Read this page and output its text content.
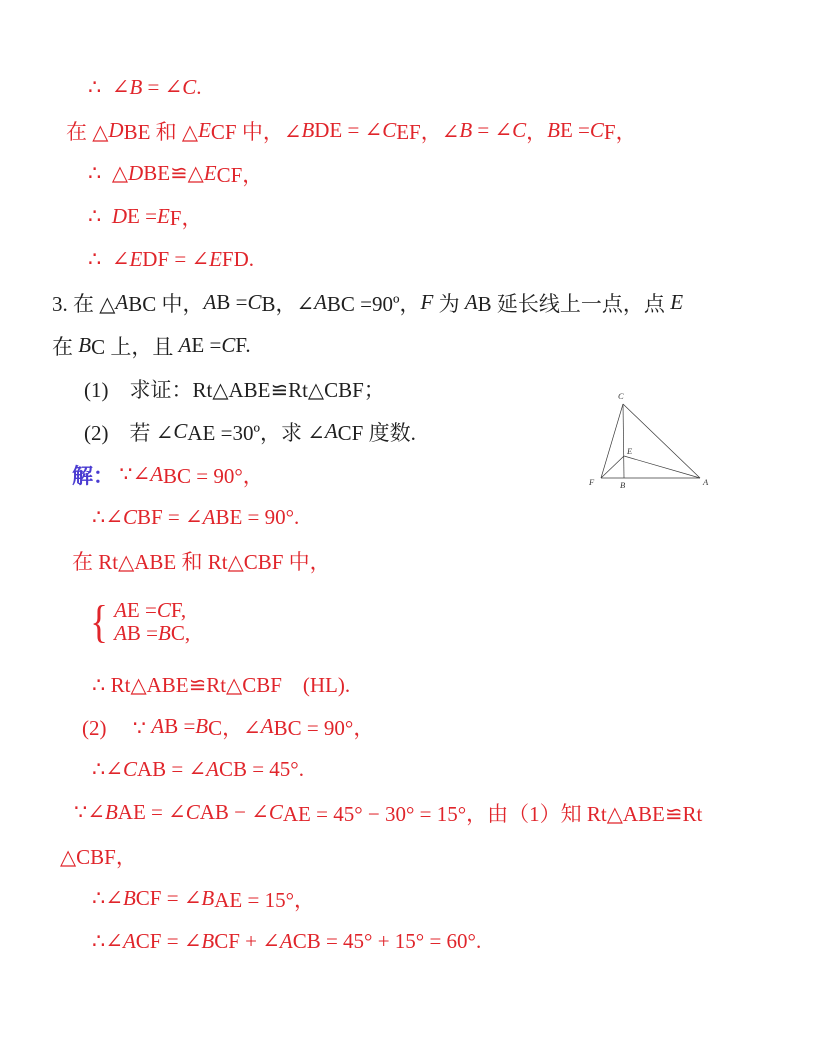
∴  ∠ B = ∠ C .
在 △ D BE 和 △ E CF 中，∠ B DE = ∠ C EF，∠ B = ∠ C ， B E = C F，
∴  △ D BE≌△ E CF，
∴ D E = E F，
∴  ∠ E DF = ∠ E FD.
3. 在 △ A BC 中， A B = C B，∠ A BC =90º， F 为 A B 延长线上一点，点 E
在 B C 上，且 A E = C F.
(1)　求证：Rt△ABE≌Rt△CBF；
(2)　若 ∠ C AE =30º，求 ∠ A CF 度数.
解： ∵∠ A BC = 90°，
∴∠ C BF = ∠ A BE = 90°.
在 Rt△ABE 和 Rt△CBF 中，
{ A E = C F,
A B = B C,
∴ Rt△ABE≌Rt△CBF　(HL).
(2)　 ∵ A B = B C，∠ A BC = 90°，
∴∠ C AB = ∠ A CB = 45°.
∵∠ B AE = ∠ C AB − ∠ C AE = 45° − 30° = 15°，由（1）知 Rt△ABE≌Rt
△CBF，
∴∠ B CF = ∠ B AE = 15°，
∴∠ A CF = ∠ B CF + ∠ A CB = 45° + 15° = 60°.
C
F	B	A
E
